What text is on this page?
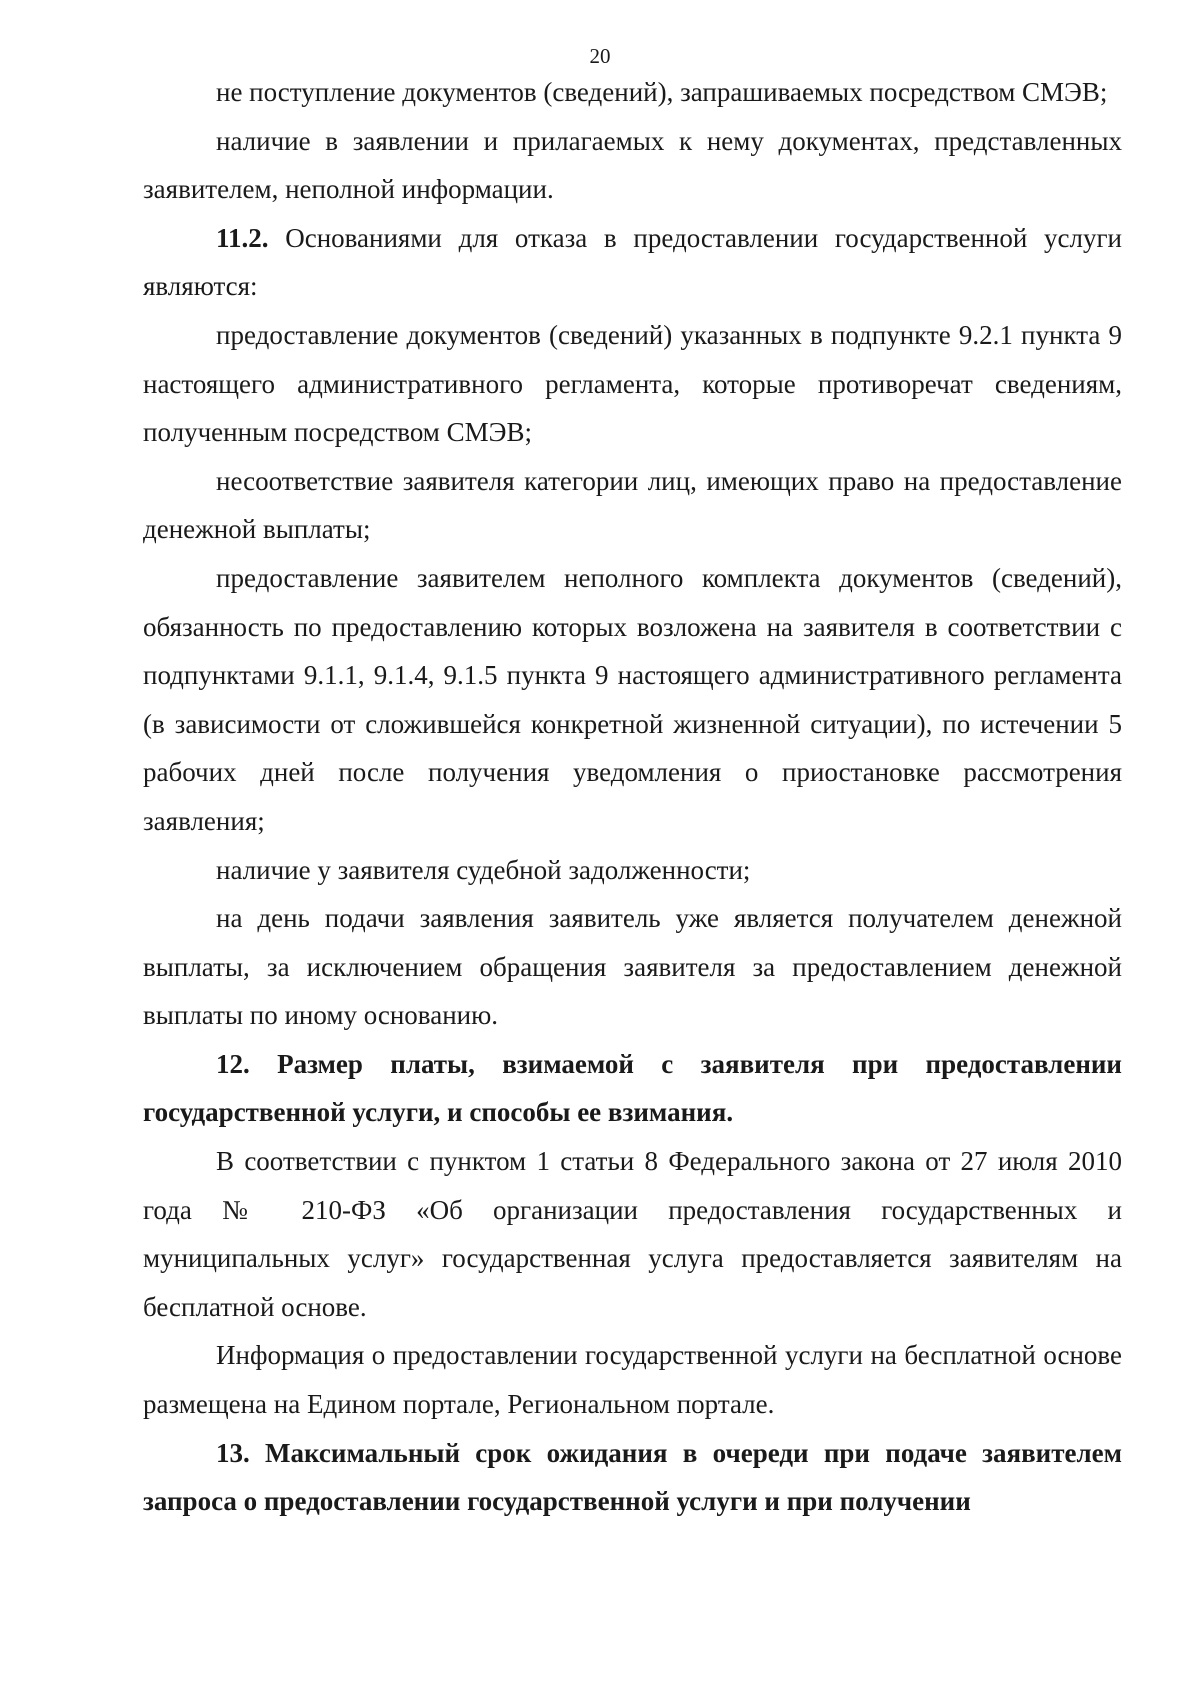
20

не поступление документов (сведений), запрашиваемых посредством СМЭВ;

наличие в заявлении и прилагаемых к нему документах, представленных заявителем, неполной информации.

11.2. Основаниями для отказа в предоставлении государственной услуги являются:

предоставление документов (сведений) указанных в подпункте 9.2.1 пункта 9 настоящего административного регламента, которые противоречат сведениям, полученным посредством СМЭВ;

несоответствие заявителя категории лиц, имеющих право на предоставление денежной выплаты;

предоставление заявителем неполного комплекта документов (сведений), обязанность по предоставлению которых возложена на заявителя в соответствии с подпунктами 9.1.1, 9.1.4, 9.1.5 пункта 9 настоящего административного регламента (в зависимости от сложившейся конкретной жизненной ситуации), по истечении 5 рабочих дней после получения уведомления о приостановке рассмотрения заявления;

наличие у заявителя судебной задолженности;

на день подачи заявления заявитель уже является получателем денежной выплаты, за исключением обращения заявителя за предоставлением денежной выплаты по иному основанию.

12. Размер платы, взимаемой с заявителя при предоставлении государственной услуги, и способы ее взимания.

В соответствии с пунктом 1 статьи 8 Федерального закона от 27 июля 2010 года № 210-ФЗ «Об организации предоставления государственных и муниципальных услуг» государственная услуга предоставляется заявителям на бесплатной основе.

Информация о предоставлении государственной услуги на бесплатной основе размещена на Едином портале, Региональном портале.

13. Максимальный срок ожидания в очереди при подаче заявителем запроса о предоставлении государственной услуги и при получении
